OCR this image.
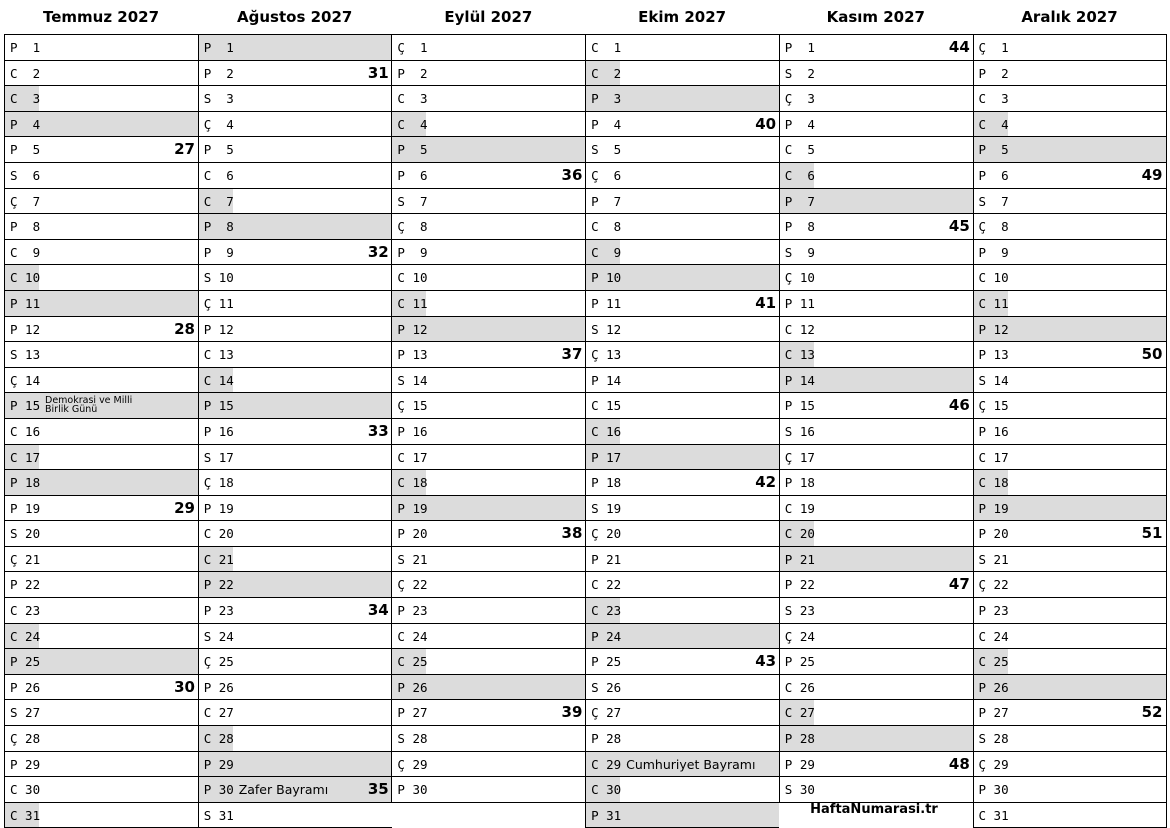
Temmuz 2027
P  1
C  2
C  3
P  4
P  5	27
S  6
Ç  7
P  8
C  9
C 10
P 11
P 12	28
S 13
Ç 14
P 15 Demokrasi ve Milli Birlik Günü
C 16
C 17
P 18
P 19	29
S 20
Ç 21
P 22
C 23
C 24
P 25
P 26	30
S 27
Ç 28
P 29
C 30
C 31
Ağustos 2027
P  1
P  2	31
S  3
Ç  4
P  5
C  6
C  7
P  8
P  9	32
S 10
Ç 11
P 12
C 13
C 14
P 15
P 16	33
S 17
Ç 18
P 19
C 20
C 21
P 22
P 23	34
S 24
Ç 25
P 26
C 27
C 28
P 29
P 30 Zafer Bayramı	35
S 31
Eylül 2027
Ç  1
P  2
C  3
C  4
P  5
P  6	36
S  7
Ç  8
P  9
C 10
C 11
P 12
P 13	37
S 14
Ç 15
P 16
C 17
C 18
P 19
P 20	38
S 21
Ç 22
P 23
C 24
C 25
P 26
P 27	39
S 28
Ç 29
P 30
Ekim 2027
C  1
C  2
P  3
P  4	40
S  5
Ç  6
P  7
C  8
C  9
P 10
P 11	41
S 12
Ç 13
P 14
C 15
C 16
P 17
P 18	42
S 19
Ç 20
P 21
C 22
C 23
P 24
P 25	43
S 26
Ç 27
P 28
C 29 Cumhuriyet Bayramı
C 30
P 31
Kasım 2027
P  1	44
S  2
Ç  3
P  4
C  5
C  6
P  7
P  8	45
S  9
Ç 10
P 11
C 12
C 13
P 14
P 15	46
S 16
Ç 17
P 18
C 19
C 20
P 21
P 22	47
S 23
Ç 24
P 25
C 26
C 27
P 28
P 29	48
S 30
Aralık 2027
Ç  1
P  2
C  3
C  4
P  5
P  6	49
S  7
Ç  8
P  9
C 10
C 11
P 12
P 13	50
S 14
Ç 15
P 16
C 17
C 18
P 19
P 20	51
S 21
Ç 22
P 23
C 24
C 25
P 26
P 27	52
S 28
Ç 29
P 30
C 31
HaftaNumarasi.tr
